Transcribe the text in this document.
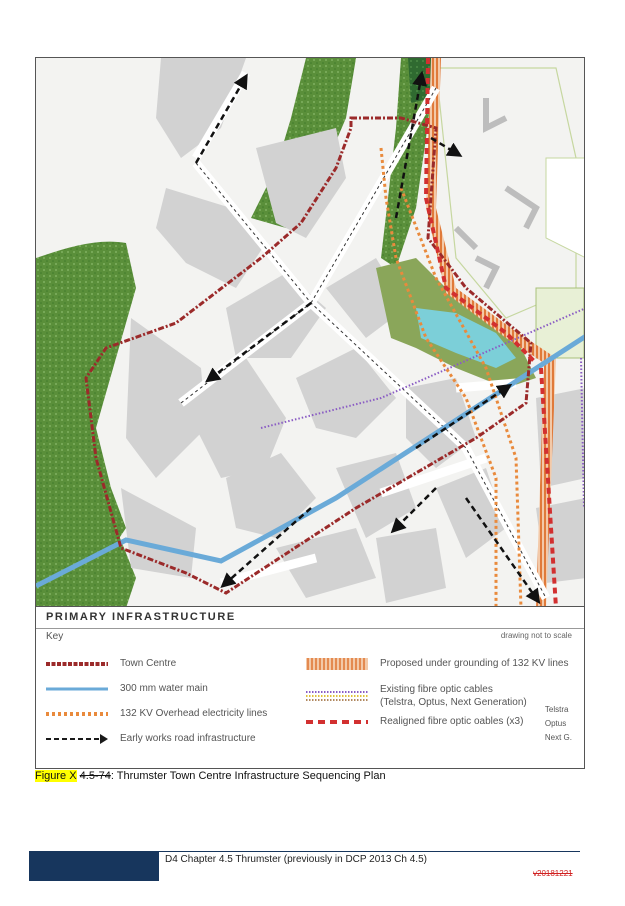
PRIMARY INFRASTRUCTURE
Key	drawing not to scale
Town Centre
300 mm water main
132 KV Overhead electricity lines
Early works road infrastructure
Proposed under grounding of 132 KV lines
Existing fibre optic cables
(Telstra, Optus, Next Generation)
Realigned fibre optic oables (x3)
Telstra
Optus
Next G.
Figure X 4.5-74: Thrumster Town Centre Infrastructure Sequencing Plan
D4 Chapter 4.5 Thrumster (previously in DCP 2013 Ch 4.5)
v20181221
